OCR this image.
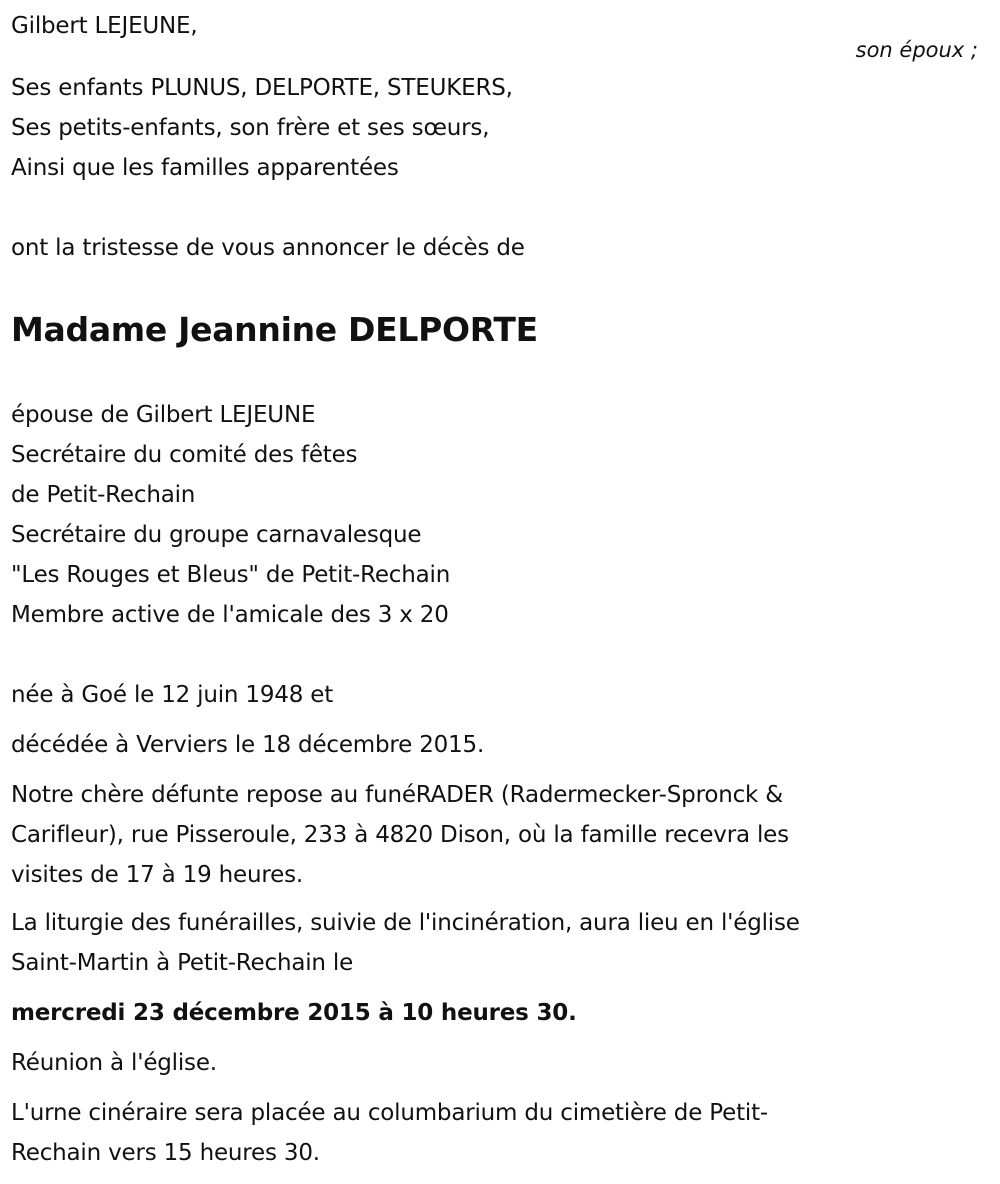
Gilbert LEJEUNE,
son époux ;
Ses enfants PLUNUS, DELPORTE, STEUKERS,
Ses petits-enfants, son frère et ses sœurs,
Ainsi que les familles apparentées
ont la tristesse de vous annoncer le décès de
Madame Jeannine DELPORTE
épouse de Gilbert LEJEUNE
Secrétaire du comité des fêtes
de Petit-Rechain
Secrétaire du groupe carnavalesque
"Les Rouges et Bleus" de Petit-Rechain
Membre active de l'amicale des 3 x 20
née à Goé le 12 juin 1948 et
décédée à Verviers le 18 décembre 2015.
Notre chère défunte repose au funéRADER (Radermecker-Spronck &
Carifleur), rue Pisseroule, 233 à 4820 Dison, où la famille recevra les
visites de 17 à 19 heures.
La liturgie des funérailles, suivie de l'incinération, aura lieu en l'église
Saint-Martin à Petit-Rechain le
mercredi 23 décembre 2015 à 10 heures 30.
Réunion à l'église.
L'urne cinéraire sera placée au columbarium du cimetière de Petit-
Rechain vers 15 heures 30.
